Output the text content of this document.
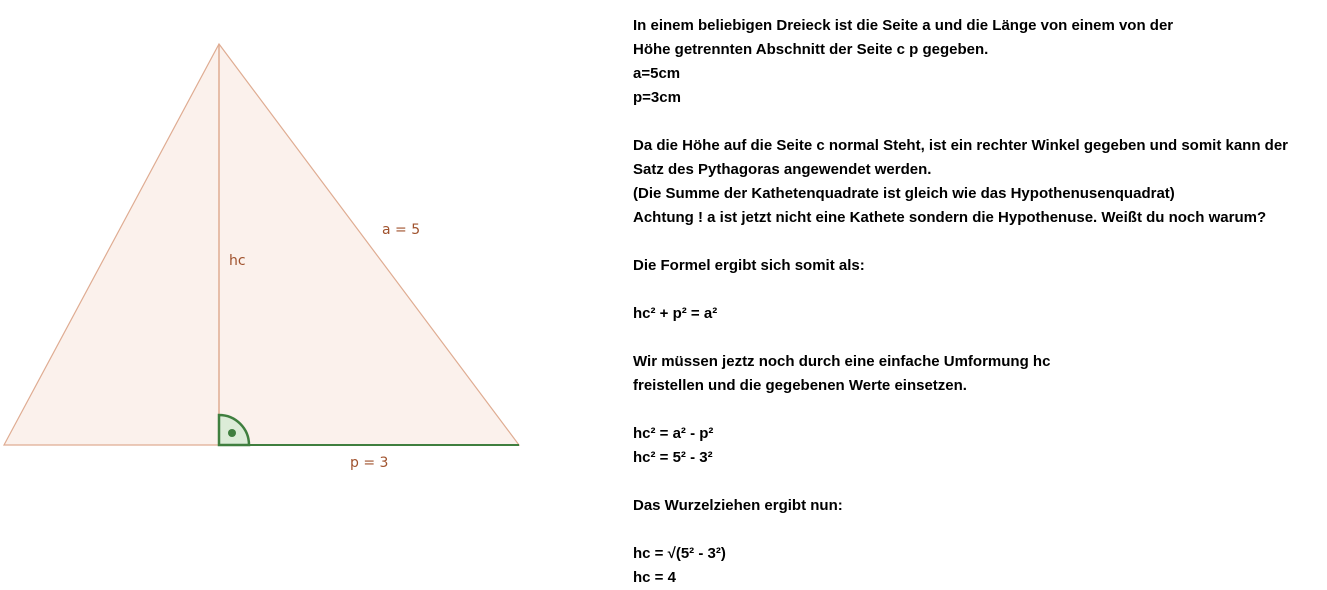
a = 5
hc
p = 3
In einem beliebigen Dreieck ist die Seite a und die Länge von einem von der
Höhe getrennten Abschnitt der Seite c p gegeben.
a=5cm
p=3cm
Da die Höhe auf die Seite c normal Steht, ist ein rechter Winkel gegeben und somit kann der
Satz des Pythagoras angewendet werden.
(Die Summe der Kathetenquadrate ist gleich wie das Hypothenusenquadrat)
Achtung ! a ist jetzt nicht eine Kathete sondern die Hypothenuse. Weißt du noch warum?
Die Formel ergibt sich somit als:
hc² + p² = a²
Wir müssen jeztz noch durch eine einfache Umformung hc
freistellen und die gegebenen Werte einsetzen.
hc² = a² - p²
hc² = 5² - 3²
Das Wurzelziehen ergibt nun:
hc = √(5² - 3²)
hc = 4
